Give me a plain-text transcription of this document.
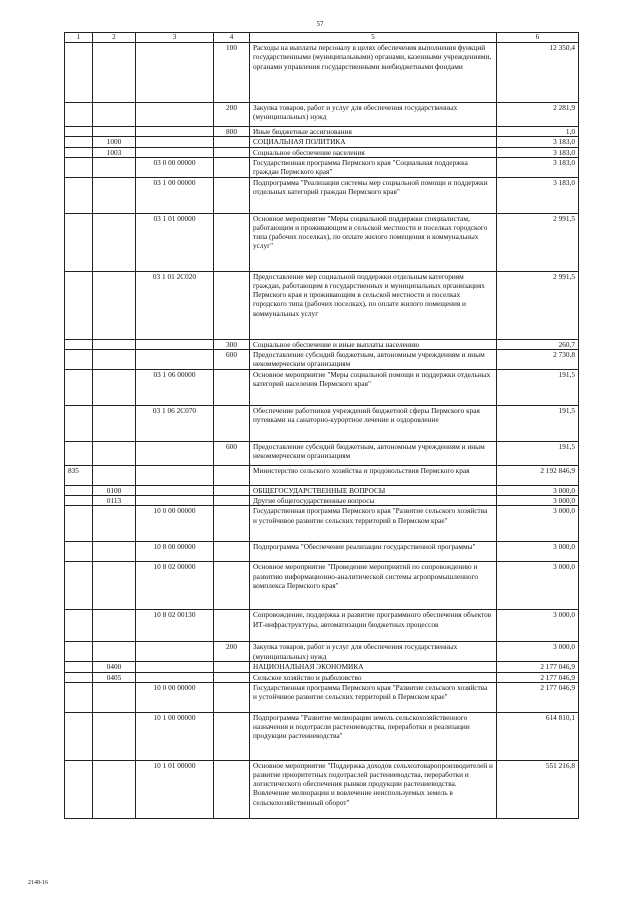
57
1	2	3	4	5	6
			100	Расходы на выплаты персоналу в целях обеспечения выполнения функций государственными (муниципальными) органами, казенными учреждениями, органами управления государственными внебюджетными фондами	12 350,4
			200	Закупка товаров, работ и услуг для обеспечения государственных (муниципальных) нужд	2 281,9
			800	Иные бюджетные ассигнования	1,0
	1000			СОЦИАЛЬНАЯ ПОЛИТИКА	3 183,0
	1003			Социальное обеспечение населения	3 183,0
		03 0 00 00000		Государственная программа Пермского края "Социальная поддержка граждан Пермского края"	3 183,0
		03 1 00 00000		Подпрограмма "Реализация системы мер социальной помощи и поддержки отдельных категорий граждан Пермского края"	3 183,0
		03 1 01 00000		Основное мероприятие "Меры социальной поддержки специалистам, работающим и проживающим в сельской местности и поселках городского типа (рабочих поселках), по оплате жилого помещения и коммунальных услуг"	2 991,5
		03 1 01 2С020		Предоставление мер социальной поддержки отдельным категориям граждан, работающим в государственных и муниципальных организациях Пермского края и проживающим в сельской местности и поселках городского типа (рабочих поселках), по оплате жилого помещения и коммунальных услуг	2 991,5
			300	Социальное обеспечение и иные выплаты населению	260,7
			600	Предоставление субсидий бюджетным, автономным учреждениям и иным некоммерческим организациям	2 730,8
		03 1 06 00000		Основное мероприятие "Меры социальной помощи и поддержки отдельных категорий населения Пермского края"	191,5
		03 1 06 2С070		Обеспечение работников учреждений бюджетной сферы Пермского края путевками на санаторно-курортное лечение и оздоровление	191,5
			600	Предоставление субсидий бюджетным, автономным учреждениям и иным некоммерческим организациям	191,5
835				Министерство сельского хозяйства и продовольствия Пермского края	2 192 846,9
	0100			ОБЩЕГОСУДАРСТВЕННЫЕ ВОПРОСЫ	3 000,0
	0113			Другие общегосударственные вопросы	3 000,0
		10 0 00 00000		Государственная программа Пермского края "Развитие сельского хозяйства и устойчивое развитие сельских территорий в Пермском крае"	3 000,0
		10 8 00 00000		Подпрограмма "Обеспечение реализации государственной программы"	3 000,0
		10 8 02 00000		Основное мероприятие "Проведение мероприятий по сопровождению и развитию информационно-аналитической системы агропромышленного комплекса Пермского края"	3 000,0
		10 8 02 00130		Сопровождение, поддержка и развитие программного обеспечения объектов ИТ-инфраструктуры, автоматизации бюджетных процессов	3 000,0
			200	Закупка товаров, работ и услуг для обеспечения государственных (муниципальных) нужд	3 000,0
	0400			НАЦИОНАЛЬНАЯ ЭКОНОМИКА	2 177 046,9
	0405			Сельское хозяйство и рыболовство	2 177 046,9
		10 0 00 00000		Государственная программа Пермского края "Развитие сельского хозяйства и устойчивое развитие сельских территорий в Пермском крае"	2 177 046,9
		10 1 00 00000		Подпрограмма "Развитие мелиорации земель сельскохозяйственного назначения и подотрасли растениеводства, переработки и реализации продукции растениеводства"	614 810,1
		10 1 01 00000		Основное мероприятие "Поддержка доходов сельхозтоваропроизводителей и развитие приоритетных подотраслей растениеводства, переработки и логистического обеспечения рынков продукции растениеводства. Вовлечение мелиорации и вовлечение неиспользуемых земель в сельскохозяйственный оборот"	551 216,8
2148-16
